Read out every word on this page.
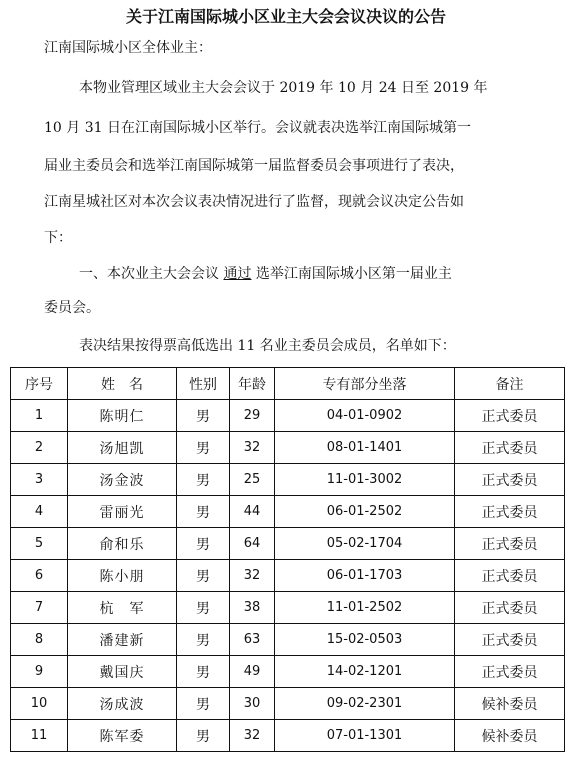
关于江南国际城小区业主大会会议决议的公告
江南国际城小区全体业主：
本物业管理区域业主大会会议于 2019 年 10 月 24 日至 2019 年
10 月 31 日在江南国际城小区举行。会议就表决选举江南国际城第一
届业主委员会和选举江南国际城第一届监督委员会事项进行了表决，
江南星城社区对本次会议表决情况进行了监督，现就会议决定公告如
下：
一、本次业主大会会议 通过 选举江南国际城小区第一届业主
委员会。
表决结果按得票高低选出 11 名业主委员会成员，名单如下：
序号	姓　名	性别	年龄	专有部分坐落	备注
1	陈明仁	男	29	04-01-0902	正式委员
2	汤旭凯	男	32	08-01-1401	正式委员
3	汤金波	男	25	11-01-3002	正式委员
4	雷丽光	男	44	06-01-2502	正式委员
5	俞和乐	男	64	05-02-1704	正式委员
6	陈小朋	男	32	06-01-1703	正式委员
7	杭　军	男	38	11-01-2502	正式委员
8	潘建新	男	63	15-02-0503	正式委员
9	戴国庆	男	49	14-02-1201	正式委员
10	汤成波	男	30	09-02-2301	候补委员
11	陈军委	男	32	07-01-1301	候补委员
